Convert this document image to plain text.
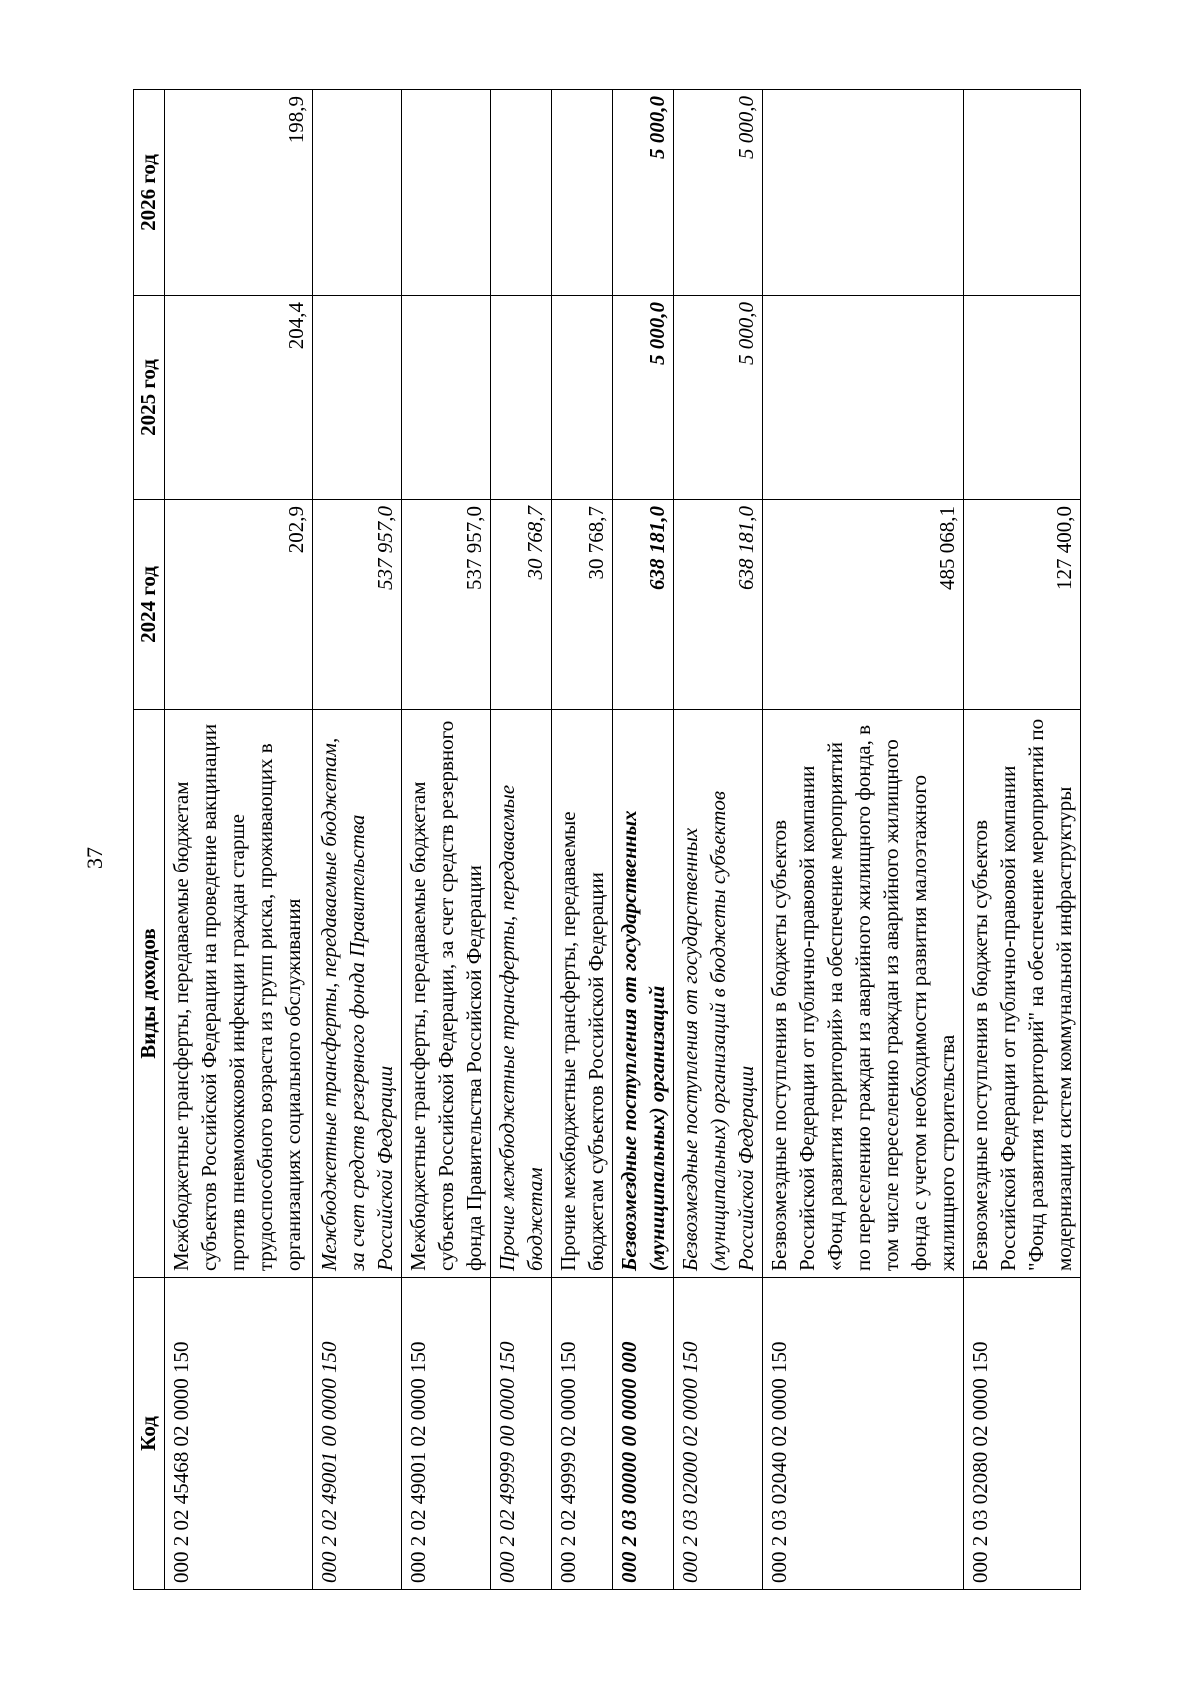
37
Код	Виды доходов	2024 год	2025 год	2026 год
000 2 02 45468 02 0000 150	Межбюджетные трансферты, передаваемые бюджетам субъектов Российской Федерации на проведение вакцинации против пневмококковой инфекции граждан старше трудоспособного возраста из групп риска, проживающих в организациях социального обслуживания	202,9	204,4	198,9
000 2 02 49001 00 0000 150	Межбюджетные трансферты, передаваемые бюджетам, за счет средств резервного фонда Правительства Российской Федерации	537 957,0		
000 2 02 49001 02 0000 150	Межбюджетные трансферты, передаваемые бюджетам субъектов Российской Федерации, за счет средств резервного фонда Правительства Российской Федерации	537 957,0		
000 2 02 49999 00 0000 150	Прочие межбюджетные трансферты, передаваемые бюджетам	30 768,7		
000 2 02 49999 02 0000 150	Прочие межбюджетные трансферты, передаваемые бюджетам субъектов Российской Федерации	30 768,7		
000 2 03 00000 00 0000 000	Безвозмездные поступления от государственных (муниципальных) организаций	638 181,0	5 000,0	5 000,0
000 2 03 02000 02 0000 150	Безвозмездные поступления от государственных (муниципальных) организаций в бюджеты субъектов Российской Федерации	638 181,0	5 000,0	5 000,0
000 2 03 02040 02 0000 150	Безвозмездные поступления в бюджеты субъектов Российской Федерации от публично-правовой компании «Фонд развития территорий» на обеспечение мероприятий по переселению граждан из аварийного жилищного фонда, в том числе переселению граждан из аварийного жилищного фонда с учетом необходимости развития малоэтажного жилищного строительства	485 068,1		
000 2 03 02080 02 0000 150	Безвозмездные поступления в бюджеты субъектов Российской Федерации от публично-правовой компании "Фонд развития территорий" на обеспечение мероприятий по модернизации систем коммунальной инфраструктуры	127 400,0		
